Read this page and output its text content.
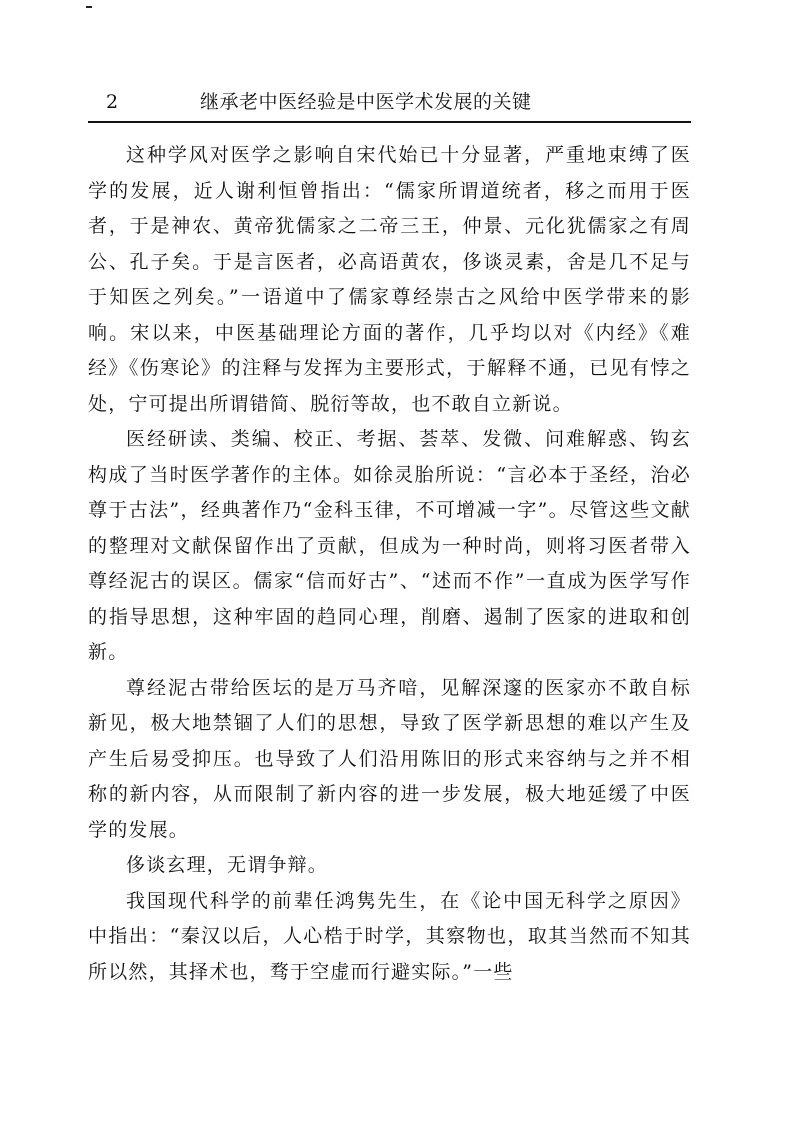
2	继承老中医经验是中医学术发展的关键

这种学风对医学之影响自宋代始已十分显著，严重地束缚了医学的发展，近人谢利恒曾指出：“儒家所谓道统者，移之而用于医者，于是神农、黄帝犹儒家之二帝三王，仲景、元化犹儒家之有周公、孔子矣。于是言医者，必高语黄农，侈谈灵素，舍是几不足与于知医之列矣。”一语道中了儒家尊经崇古之风给中医学带来的影响。宋以来，中医基础理论方面的著作，几乎均以对《内经》《难经》《伤寒论》的注释与发挥为主要形式，于解释不通，已见有悖之处，宁可提出所谓错简、脱衍等故，也不敢自立新说。

医经研读、类编、校正、考据、荟萃、发微、问难解惑、钩玄构成了当时医学著作的主体。如徐灵胎所说：“言必本于圣经，治必尊于古法”，经典著作乃“金科玉律，不可增减一字”。尽管这些文献的整理对文献保留作出了贡献，但成为一种时尚，则将习医者带入尊经泥古的误区。儒家“信而好古”、“述而不作”一直成为医学写作的指导思想，这种牢固的趋同心理，削磨、遏制了医家的进取和创新。

尊经泥古带给医坛的是万马齐喑，见解深邃的医家亦不敢自标新见，极大地禁锢了人们的思想，导致了医学新思想的难以产生及产生后易受抑压。也导致了人们沿用陈旧的形式来容纳与之并不相称的新内容，从而限制了新内容的进一步发展，极大地延缓了中医学的发展。

侈谈玄理，无谓争辩。

我国现代科学的前辈任鸿隽先生，在《论中国无科学之原因》中指出：“秦汉以后，人心梏于时学，其察物也，取其当然而不知其所以然，其择术也，骛于空虚而行避实际。”一些
